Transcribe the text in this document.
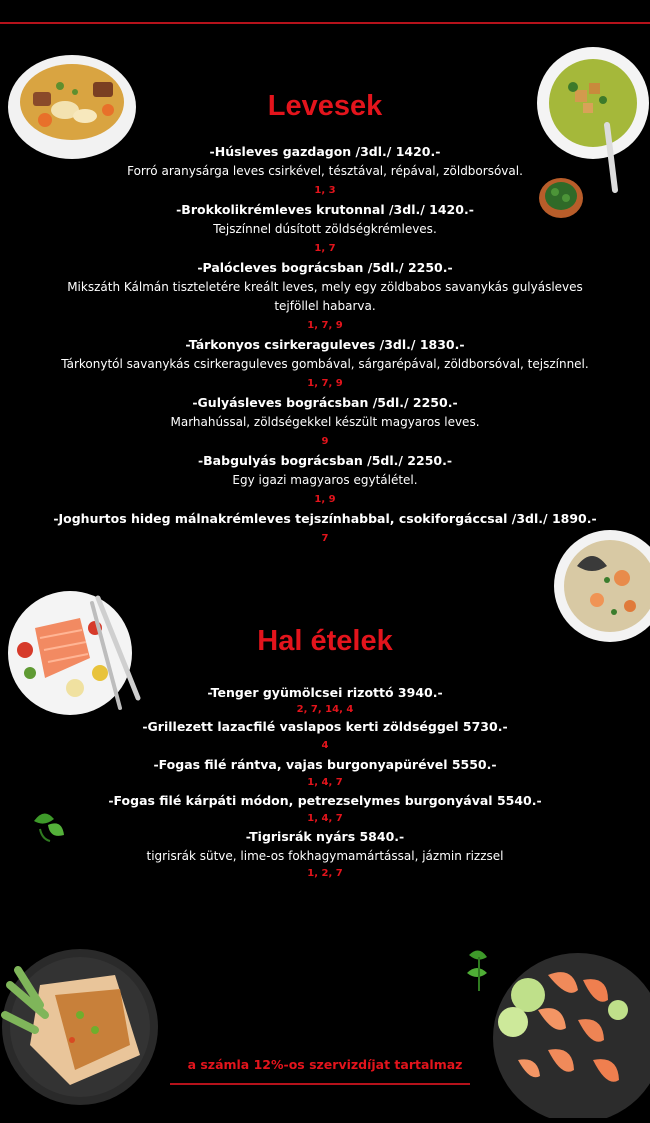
Levesek
-Húsleves gazdagon /3dl./ 1420.-
Forró aranysárga leves csirkével, tésztával, répával, zöldborsóval.
1, 3
-Brokkolikrémleves krutonnal /3dl./ 1420.-
Tejszínnel dúsított zöldségkrémleves.
1, 7
-Palócleves bográcsban /5dl./ 2250.-
Mikszáth Kálmán tiszteletére kreált leves, mely egy zöldbabos savanykás gulyásleves tejföllel habarva.
1, 7, 9
-Tárkonyos csirkeraguleves /3dl./ 1830.-
Tárkonytól savanykás csirkeraguleves gombával, sárgarépával, zöldborsóval, tejszínnel.
1, 7, 9
-Gulyásleves bográcsban /5dl./ 2250.-
Marhahússal, zöldségekkel készült magyaros leves.
9
-Babgulyás bográcsban /5dl./ 2250.-
Egy igazi magyaros egytálétel.
1, 9
-Joghurtos hideg málnakrémleves tejszínhabbal, csokiforgáccsal /3dl./ 1890.-
7
Hal ételek
-Tenger gyümölcsei rizottó 3940.-
2, 7, 14, 4
-Grillezett lazacfilé vaslapos kerti zöldséggel 5730.-
4
-Fogas filé rántva, vajas burgonyapürével 5550.-
1, 4, 7
-Fogas filé kárpáti módon, petrezselymes burgonyával 5540.-
1, 4, 7
-Tigrisrák nyárs 5840.-
tigrisrák sütve, lime-os fokhagymamártással, jázmin rizzsel
1, 2, 7
a számla 12%-os szervizdíjat tartalmaz
